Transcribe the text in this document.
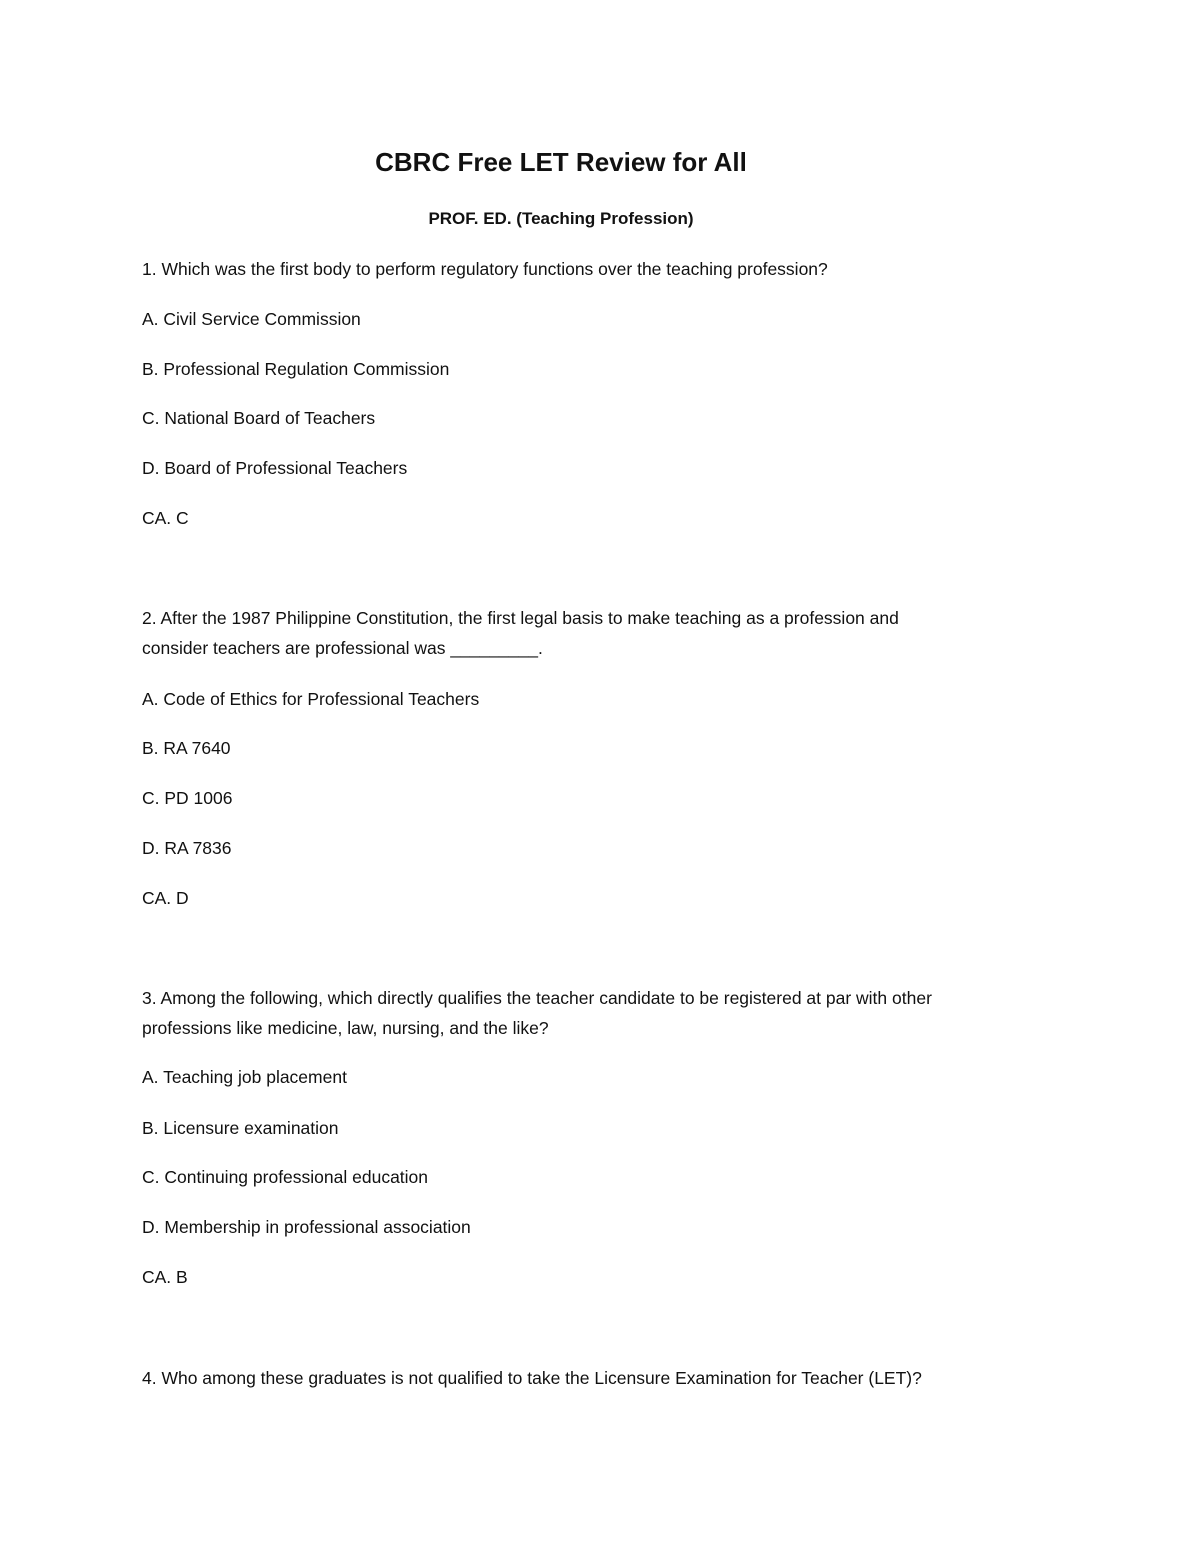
CBRC Free LET Review for All
PROF. ED. (Teaching Profession)

1. Which was the first body to perform regulatory functions over the teaching profession?

A. Civil Service Commission

B. Professional Regulation Commission

C. National Board of Teachers

D. Board of Professional Teachers

CA. C

2. After the 1987 Philippine Constitution, the first legal basis to make teaching as a profession and

consider teachers are professional was _________.

A. Code of Ethics for Professional Teachers

B. RA 7640

C. PD 1006

D. RA 7836

CA. D

3. Among the following, which directly qualifies the teacher candidate to be registered at par with other

professions like medicine, law, nursing, and the like?

A. Teaching job placement

B. Licensure examination

C. Continuing professional education

D. Membership in professional association

CA. B

4. Who among these graduates is not qualified to take the Licensure Examination for Teacher (LET)?
